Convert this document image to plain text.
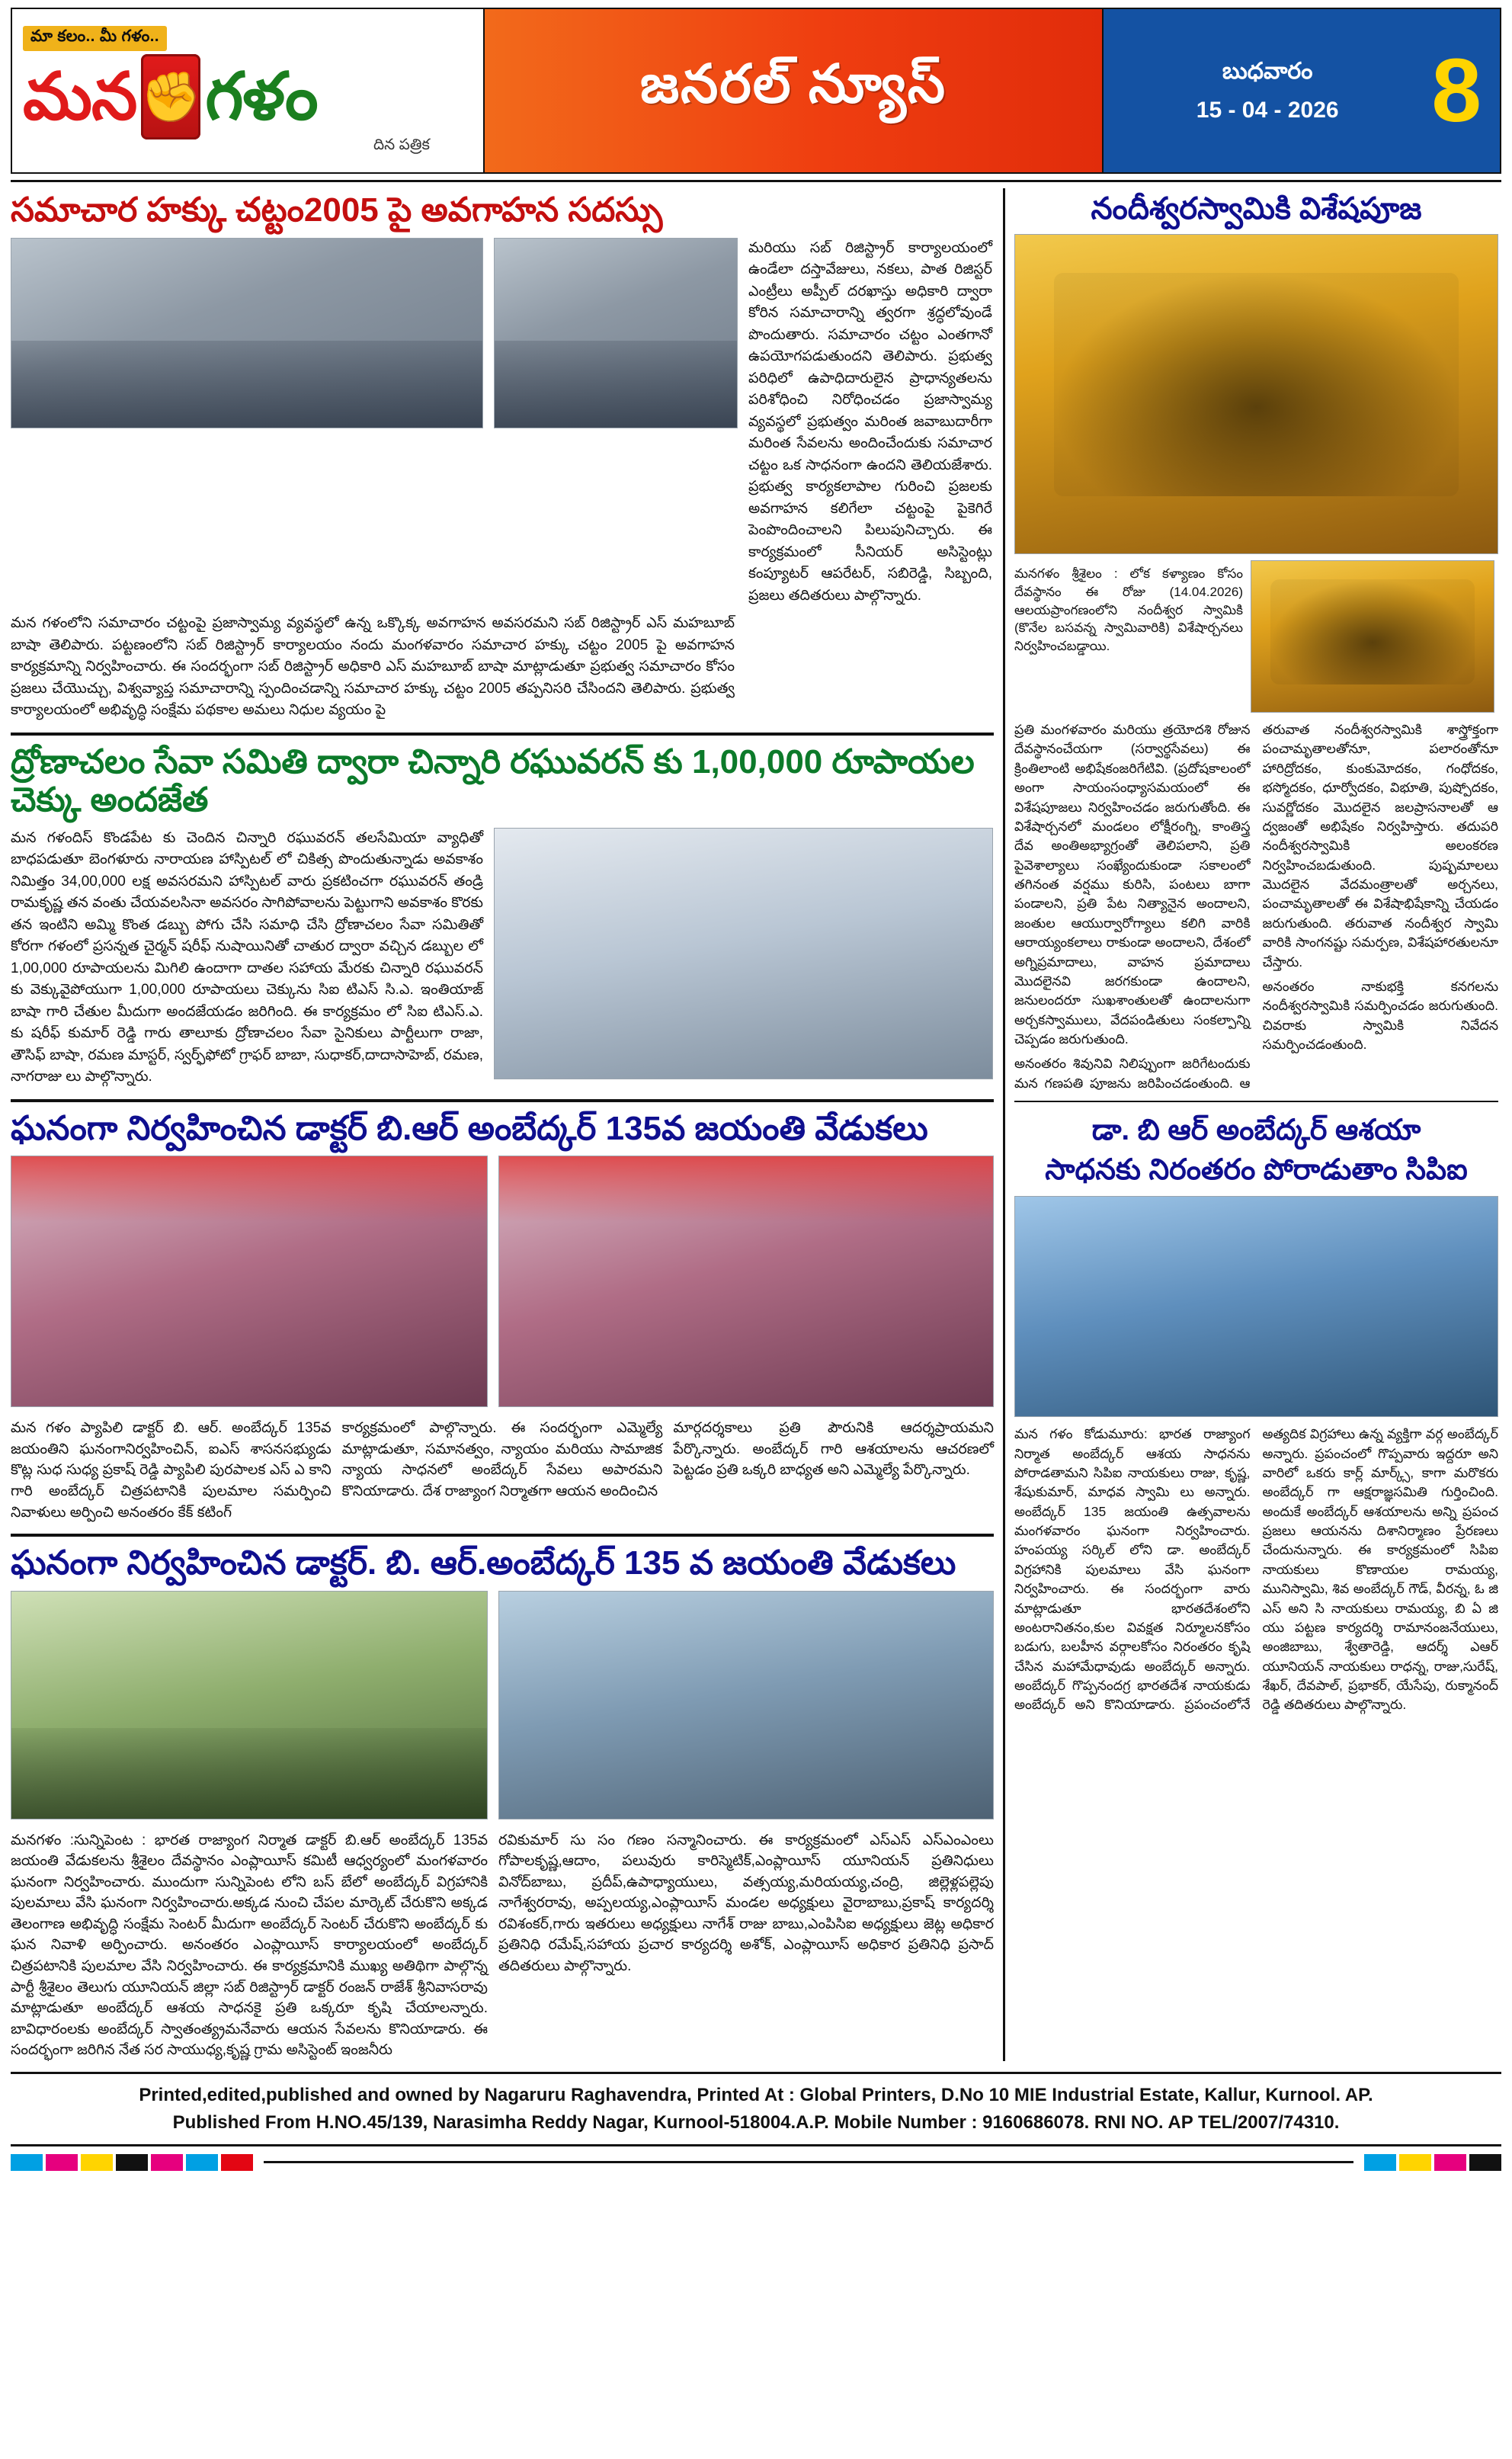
మా కలం.. మీ గళం..
మన ✊ గళం
దిన పత్రిక
జనరల్ న్యూస్	బుధవారం
15 - 04 - 2026	8
సమాచార హక్కు చట్టం2005 పై అవగాహన సదస్సు
మరియు సబ్ రిజిస్ట్రార్ కార్యాలయంలో ఉండేలా దస్తావేజులు, నకలు, పాత రిజిస్టర్ ఎంట్రీలు అప్పీల్ దరఖాస్తు అధికారి ద్వారా కోరిన సమాచారాన్ని త్వరగా శ్రద్ధలోవుండే పొందుతారు. సమాచారం చట్టం ఎంతగానో ఉపయోగపడుతుందని తెలిపారు. ప్రభుత్వ పరిధిలో ఉపాధిదారులైన ప్రాధాన్యతలను పరిశోధించి నిరోధించడం ప్రజాస్వామ్య వ్యవస్థలో ప్రభుత్వం మరింత జవాబుదారీగా మరింత సేవలను అందించేందుకు సమాచార చట్టం ఒక సాధనంగా ఉందని తెలియజేశారు. ప్రభుత్వ కార్యకలాపాల గురించి ప్రజలకు అవగాహన కలిగేలా చట్టంపై పైకెగిరే పెంపొందించాలని పిలుపునిచ్చారు. ఈ కార్యక్రమంలో సీనియర్ అసిస్టెంట్లు కంప్యూటర్ ఆపరేటర్, సబిరెడ్డి, సిబ్బంది, ప్రజలు తదితరులు పాల్గొన్నారు.
మన గళంలోని సమాచారం చట్టంపై ప్రజాస్వామ్య వ్యవస్థలో ఉన్న ఒక్కొక్క అవగాహన అవసరమని సబ్ రిజిస్ట్రార్ ఎస్ మహబూబ్ బాషా తెలిపారు. పట్టణంలోని సబ్ రిజిస్ట్రార్ కార్యాలయం నందు మంగళవారం సమాచార హక్కు చట్టం 2005 పై అవగాహన కార్యక్రమాన్ని నిర్వహించారు. ఈ సందర్భంగా సబ్ రిజిస్ట్రార్ అధికారి ఎస్ మహబూబ్ బాషా మాట్లాడుతూ ప్రభుత్వ సమాచారం కోసం ప్రజలు చేయొచ్చు, విశ్వవ్యాప్త సమాచారాన్ని స్పందించడాన్ని సమాచార హక్కు చట్టం 2005 తప్పనిసరి చేసిందని తెలిపారు. ప్రభుత్వ కార్యాలయంలో అభివృద్ధి సంక్షేమ పథకాల అమలు నిధుల వ్యయం పై
ద్రోణాచలం సేవా సమితి ద్వారా చిన్నారి రఘువరన్ కు 1,00,000 రూపాయల చెక్కు అందజేత
మన గళందిస్ కొండపేట కు చెందిన చిన్నారి రఘువరన్ తలసేమియా వ్యాధితో బాధపడుతూ బెంగళూరు నారాయణ హాస్పిటల్ లో చికిత్స పొందుతున్నాడు అవకాశం నిమిత్తం 34,00,000 లక్ష అవసరమని హాస్పిటల్ వారు ప్రకటించగా రఘువరన్ తండ్రి రామకృష్ణ తన వంతు చేయవలసినా అవసరం సాగిపోవాలను పెట్టుగాని అవకాశం కొరకు తన ఇంటిని అమ్మి కొంత డబ్బు పోగు చేసి సమాధి చేసి ద్రోణాచలం సేవా సమితితో కోరగా గళంలో ప్రసన్నత చైర్మన్ షరీఫ్ నుషాయినితో చాతుర ద్వారా వచ్చిన డబ్బుల లో 1,00,000 రూపాయలను మిగిలి ఉందాగా దాతల సహాయ మేరకు చిన్నారి రఘువరన్ కు వెక్కువైపోయుగా 1,00,000 రూపాయలు చెక్కును సిఐ టిఎస్ సి.ఎ. ఇంతియాజ్ బాషా గారి చేతుల మీదుగా అందజేయడం జరిగింది. ఈ కార్యక్రమం లో సిఐ టిఎస్.ఎ. కు షరీఫ్ కుమార్ రెడ్డి గారు తాలూకు ద్రోణాచలం సేవా సైనికులు పార్టీలుగా రాజా, తౌసిఫ్ బాషా, రమణ మాస్టర్, స్వర్ఫ్‌ఫోటో గ్రాఫర్ బాబా, సుధాకర్,దాదాసాహెబ్, రమణ, నాగరాజు లు పాల్గొన్నారు.
ఘనంగా నిర్వహించిన డాక్టర్ బి.ఆర్ అంబేద్కర్ 135వ జయంతి వేడుకలు
మన గళం ప్యాపిలి డాక్టర్ బి. ఆర్. అంబేద్కర్ 135వ జయంతిని ఘనంగానిర్వహించిన్, ఐఎస్ శాసనసభ్యుడు కొట్ల సుధ సుధ్య ప్రకాష్ రెడ్డి ప్యాపిలి పురపాలక ఎస్ ఎ కాని గారి అంబేద్కర్ చిత్రపటానికి పులమాల సమర్పించి నివాళులు అర్పించి అనంతరం కేక్ కటింగ్
కార్యక్రమంలో పాల్గొన్నారు. ఈ సందర్భంగా ఎమ్మెల్యే మాట్లాడుతూ, సమానత్వం, న్యాయం మరియు సామాజిక న్యాయ సాధనలో అంబేద్కర్ సేవలు అపారమని కొనియాడారు. దేశ రాజ్యాంగ నిర్మాతగా ఆయన అందించిన
మార్గదర్శకాలు ప్రతి పౌరునికి ఆదర్శప్రాయమని పేర్కొన్నారు. అంబేద్కర్ గారి ఆశయాలను ఆచరణలో పెట్టడం ప్రతి ఒక్కరి బాధ్యత అని ఎమ్మెల్యే పేర్కొన్నారు.
ఘనంగా నిర్వహించిన డాక్టర్. బి. ఆర్.అంబేద్కర్ 135 వ జయంతి వేడుకలు
మనగళం :సున్నిపెంట : భారత రాజ్యాంగ నిర్మాత డాక్టర్ బి.ఆర్ అంబేద్కర్ 135వ జయంతి వేడుకలను శ్రీశైలం దేవస్థానం ఎంప్లాయీస్ కమిటీ ఆధ్వర్యంలో మంగళవారం ఘనంగా నిర్వహించారు. ముందుగా సున్నిపెంట లోని బస్ బేలో అంబేద్కర్ విగ్రహానికి పులమాలు వేసి ఘనంగా నిర్వహించారు.అక్కడ నుంచి చేపల మార్కెట్ చేరుకొని అక్కడ తెలంగాణ అభివృద్ధి సంక్షేమ సెంటర్ మీదుగా అంబేద్కర్ సెంటర్ చేరుకొని అంబేద్కర్ కు ఘన నివాళి అర్పించారు. అనంతరం ఎంప్లాయీస్ కార్యాలయంలో అంబేద్కర్ చిత్రపటానికి పులమాల వేసి నిర్వహించారు. ఈ కార్యక్రమానికి ముఖ్య అతిథిగా పాల్గొన్న పార్టీ శ్రీశైలం తెలుగు యూనియన్ జిల్లా సబ్ రిజిస్ట్రార్ డాక్టర్ రంజన్ రాజేశ్ శ్రీనివాసరావు మాట్లాడుతూ అంబేద్కర్ ఆశయ సాధనకై ప్రతి ఒక్కరూ కృషి చేయాలన్నారు. బావిధారంలకు అంబేద్కర్ స్వాతంత్య్రమనేవారు ఆయన సేవలను కొనియాడారు. ఈ సందర్భంగా జరిగిన నేత సర సాయుధ్య,కృష్ణ గ్రామ అసిస్టెంట్ ఇంజనీరు
రవికుమార్ సు సం గణం సన్మానించారు. ఈ కార్యక్రమంలో ఎస్ఎస్ ఎస్ఎంఎంలు గోపాలకృష్ణ,ఆదాం, పలువురు కారిస్మెటిక్,ఎంప్లాయీస్ యూనియన్ ప్రతినిధులు వినోద్‌బాబు, ప్రదీప్,ఉపాధ్యాయులు, వత్సయ్య,మరియయ్య,చంద్రి, జిల్లెళ్లపల్లెపు నాగేశ్వరరావు, అప్పలయ్య,ఎంప్లాయీస్ మండల అధ్యక్షులు వైరాబాబు,ప్రకాష్ కార్యదర్శి రవిశంకర్,గారు ఇతరులు అధ్యక్షులు నాగేశ్ రాజు బాబు,ఎంపిసిఐ అధ్యక్షులు జెట్ల అధికార ప్రతినిధి రమేష్,సహాయ ప్రచార కార్యదర్శి అశోక్, ఎంప్లాయీస్ అధికార ప్రతినిధి ప్రసాద్ తదితరులు పాల్గొన్నారు.
నందీశ్వరస్వామికి విశేషపూజ
మనగళం శ్రీశైలం : లోక కళ్యాణం కోసం దేవస్థానం ఈ రోజు (14.04.2026) ఆలయప్రాంగణంలోని నందీశ్వర స్వామికి (కొనేల బసవన్న స్వామివారికి) విశేషార్చనలు నిర్వహించబడ్డాయి.

ప్రతి మంగళవారం మరియు త్రయోదశి రోజున దేవస్థానంచేయగా (సర్వార్థసేవలు) ఈ క్రింతిలాంటి అభిషేకంజరిగేటివి. (ప్రదోషకాలంలో అంగా సాయంసంధ్యాసమయంలో ఈ విశేషపూజలు నిర్వహించడం జరుగుతోంది. ఈ విశేషార్చనలో మండలం లోక్షీరంగ్ని, కాంతిస్త్ర దేవ అంతిఅభ్యాగ్రంతో తెలిపలాని, ప్రతి పైవెశాల్యాలు సంఖ్యేందుకుండా సకాలంలో తగినంత వర్షము కురిసి, పంటలు బాగా పండాలని, ప్రతి పేట నిత్యానైన అందాలని, జంతుల ఆయుర్వారోగ్యాలు కలిగి వారికి ఆరాయ్యంకలాలు రాకుండా అందాలని, దేశంలో అగ్నిప్రమాదాలు, వాహన ప్రమాదాలు మొదలైనవి జరగకుండా ఉందాలని, జనులందరూ సుఖశాంతులతో ఉందాలనుగా అర్చకస్వాములు, వేదపండితులు సంకల్పాన్ని చెప్పడం జరుగుతుంది.

అనంతరం శివునివి నిలిప్పుంగా జరిగేటందుకు మన గణపతి పూజను జరిపించడంతుంది. ఆ తరువాత నందీశ్వరస్వామికి శాస్త్రోక్తంగా పంచామృతాలతోనూ, పలారంతోనూ హారిద్రోదకం, కుంకుమోదకం, గంధోదకం, భస్మోదకం, ధూర్వోదకం, విభూతి, పుష్పోదకం, సువర్ణోదకం మొదలైన జలప్రాసనాలతో ఆ ద్వజంతో అభిషేకం నిర్వహిస్తారు. తదుపరి నందీశ్వరస్వామికి అలంకరణ నిర్వహించబడుతుంది. పుష్పమాలలు మొదలైన వేదమంత్రాలతో అర్చనలు, పంచామృతాలతో ఈ విశేషాభిషేకాన్ని చేయడం జరుగుతుంది. తరువాత నందీశ్వర స్వామి వారికి సాంగనష్టు సమర్పణ, విశేషహారతులనూ చేస్తారు.

అనంతరం నాకుభక్తి కనగలను నందీశ్వరస్వామికి సమర్పించడం జరుగుతుంది. చివరాకు స్వామికి నివేదన సమర్పించడంతుంది.

డా. బి ఆర్ అంబేద్కర్ ఆశయా
సాధనకు నిరంతరం పోరాడుతాం సిపిఐ

మన గళం కోడుమూరు: భారత రాజ్యాంగ నిర్మాత అంబేద్కర్ ఆశయ సాధనను పోరాడతామని సిపిఐ నాయకులు రాజు, కృష్ణ, శేషుకుమార్, మాధవ స్వామి లు అన్నారు. అంబేద్కర్ 135 జయంతి ఉత్సవాలను మంగళవారం ఘనంగా నిర్వహించారు. హంపయ్య సర్కిల్ లోని డా. అంబేద్కర్ విగ్రహానికి పులమాలు వేసి ఘనంగా నిర్వహించారు. ఈ సందర్భంగా వారు మాట్లాడుతూ భారతదేశంలోని అంటరానితనం,కుల వివక్షత నిర్మూలనకోసం బడుగు, బలహీన వర్గాలకోసం నిరంతరం కృషి చేసిన మహామేధావుడు అంబేద్కర్ అన్నారు. అంబేద్కర్ గొప్పనందగ్ర భారతదేశ నాయకుడు అంబేద్కర్ అని కొనియాడారు. ప్రపంచంలోనే అత్యదిక విగ్రహాలు ఉన్న వ్యక్తిగా వర్గ అంబేద్కర్ అన్నారు. ప్రపంచంలో గొప్పవారు ఇద్దరూ అని వారిలో ఒకరు కార్ల్ మార్క్స్, కాగా మరొకరు అంబేద్కర్ గా ఆక్షరాజ్ఞసమితి గుర్తించింది. అందుకే అంబేద్కర్ ఆశయాలను అన్ని ప్రపంచ ప్రజలు ఆయనను దిశానిర్మాణం ప్రేరణలు చేందునున్నారు. ఈ కార్యక్రమంలో సిపిఐ నాయకులు కొణాయల రామయ్య, మునిస్వామి, శివ అంబేద్కర్ గౌడ్, వీరన్న, ఓ జి ఎస్ అని సి నాయకులు రామయ్య, బి ఏ జి యు పట్టణ కార్యదర్శి రామానంజనేయులు, అంజిబాబు, శ్వేతారెడ్డి, ఆదర్శ్ ఎఆర్ యూనియన్ నాయకులు రాధన్న, రాజు,సురేష్, శేఖర్, దేవపాల్, ప్రభాకర్, యేసేపు, రుక్మానంద్ రెడ్డి తదితరులు పాల్గొన్నారు.

Printed,edited,published and owned by Nagaruru Raghavendra, Printed At : Global Printers, D.No 10 MIE Industrial Estate, Kallur, Kurnool. AP.
Published From H.NO.45/139, Narasimha Reddy Nagar, Kurnool-518004.A.P. Mobile Number : 9160686078. RNI NO. AP TEL/2007/74310.
